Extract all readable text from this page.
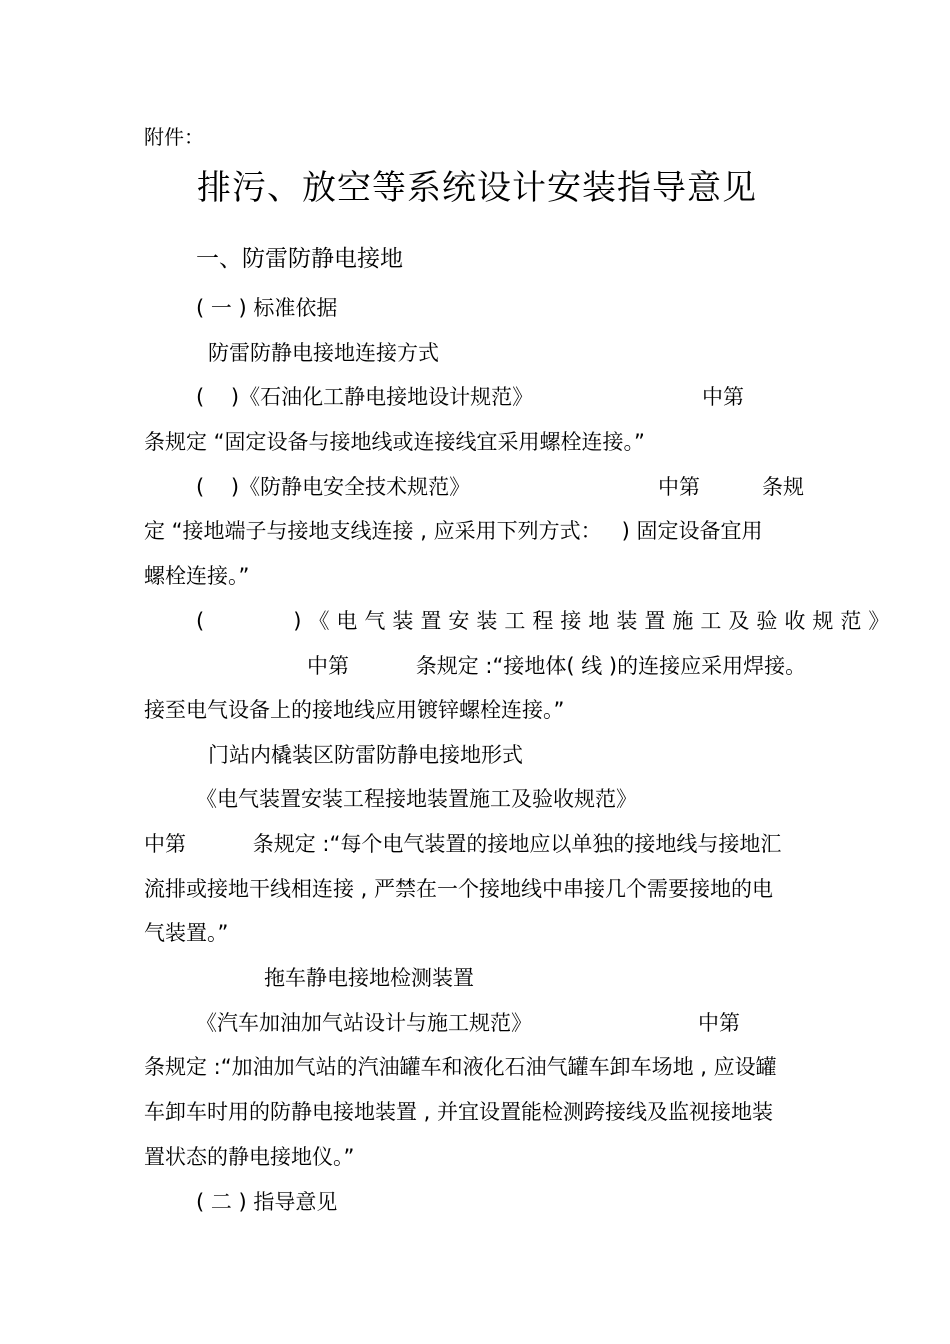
附件：
排污、放空等系统设计安装指导意见
一、防雷防静电接地
( 一 ) 标准依据
防雷防静电接地连接方式
(    )《石油化工静电接地设计规范》	中第
条规定 “固定设备与接地线或连接线宜采用螺栓连接。”
(    )《防静电安全技术规范》	中第	条规
定 “接地端子与接地支线连接 , 应采用下列方式：   ) 固定设备宜用
螺栓连接。”
(      )《电气装置安装工程接地装置施工及验收规范》
中第          条规定 :“接地体( 线 )的连接应采用焊接。
接至电气设备上的接地线应用镀锌螺栓连接。”
门站内橇装区防雷防静电接地形式
《电气装置安装工程接地装置施工及验收规范》
中第          条规定 :“每个电气装置的接地应以单独的接地线与接地汇
流排或接地干线相连接 , 严禁在一个接地线中串接几个需要接地的电
气装置。”
拖车静电接地检测装置
《汽车加油加气站设计与施工规范》	中第
条规定 :“加油加气站的汽油罐车和液化石油气罐车卸车场地 , 应设罐
车卸车时用的防静电接地装置 , 并宜设置能检测跨接线及监视接地装
置状态的静电接地仪。”
( 二 ) 指导意见
